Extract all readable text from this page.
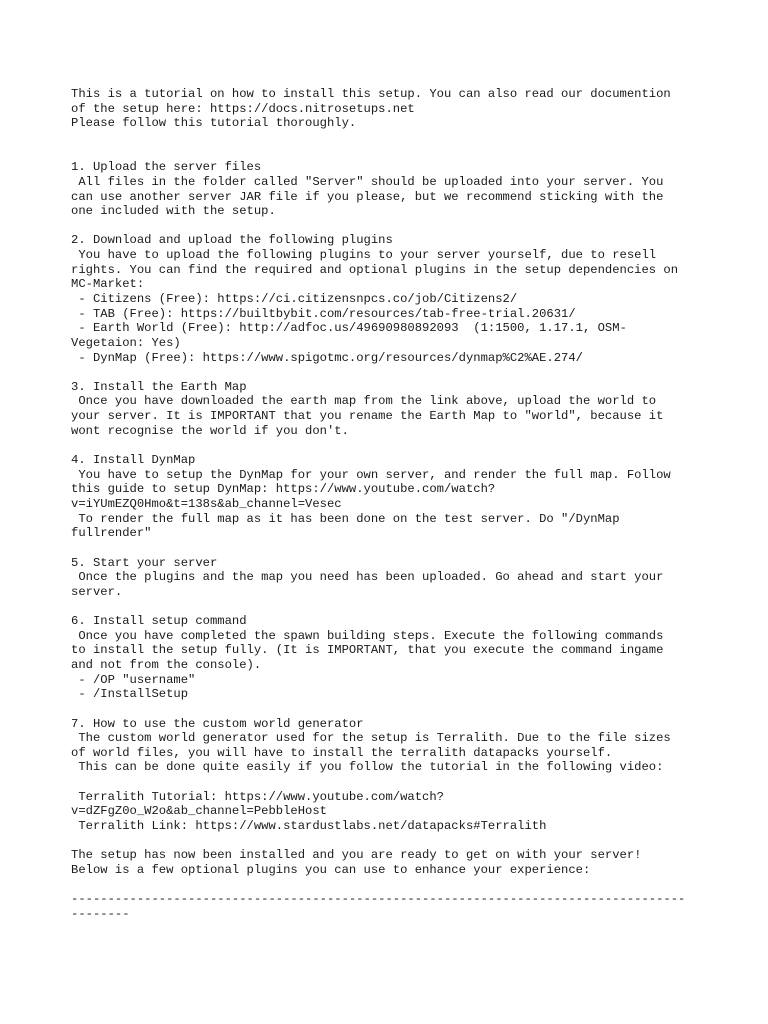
This is a tutorial on how to install this setup. You can also read our documention
of the setup here: https://docs.nitrosetups.net
Please follow this tutorial thoroughly.
1. Upload the server files
All files in the folder called "Server" should be uploaded into your server. You
can use another server JAR file if you please, but we recommend sticking with the
one included with the setup.
2. Download and upload the following plugins
You have to upload the following plugins to your server yourself, due to resell
rights. You can find the required and optional plugins in the setup dependencies on
MC-Market:
- Citizens (Free): https://ci.citizensnpcs.co/job/Citizens2/
- TAB (Free): https://builtbybit.com/resources/tab-free-trial.20631/
- Earth World (Free): http://adfoc.us/49690980892093  (1:1500, 1.17.1, OSM-
Vegetaion: Yes)
- DynMap (Free): https://www.spigotmc.org/resources/dynmap%C2%AE.274/
3. Install the Earth Map
Once you have downloaded the earth map from the link above, upload the world to
your server. It is IMPORTANT that you rename the Earth Map to "world", because it
wont recognise the world if you don't.
4. Install DynMap
You have to setup the DynMap for your own server, and render the full map. Follow
this guide to setup DynMap: https://www.youtube.com/watch?
v=iYUmEZQ0Hmo&t=138s&ab_channel=Vesec
To render the full map as it has been done on the test server. Do "/DynMap
fullrender"
5. Start your server
Once the plugins and the map you need has been uploaded. Go ahead and start your
server.
6. Install setup command
Once you have completed the spawn building steps. Execute the following commands
to install the setup fully. (It is IMPORTANT, that you execute the command ingame
and not from the console).
- /OP "username"
- /InstallSetup
7. How to use the custom world generator
The custom world generator used for the setup is Terralith. Due to the file sizes
of world files, you will have to install the terralith datapacks yourself.
This can be done quite easily if you follow the tutorial in the following video:
Terralith Tutorial: https://www.youtube.com/watch?
v=dZFgZ0o_W2o&ab_channel=PebbleHost
Terralith Link: https://www.stardustlabs.net/datapacks#Terralith
The setup has now been installed and you are ready to get on with your server!
Below is a few optional plugins you can use to enhance your experience:
------------------------------------------------------------------------------------
--------
